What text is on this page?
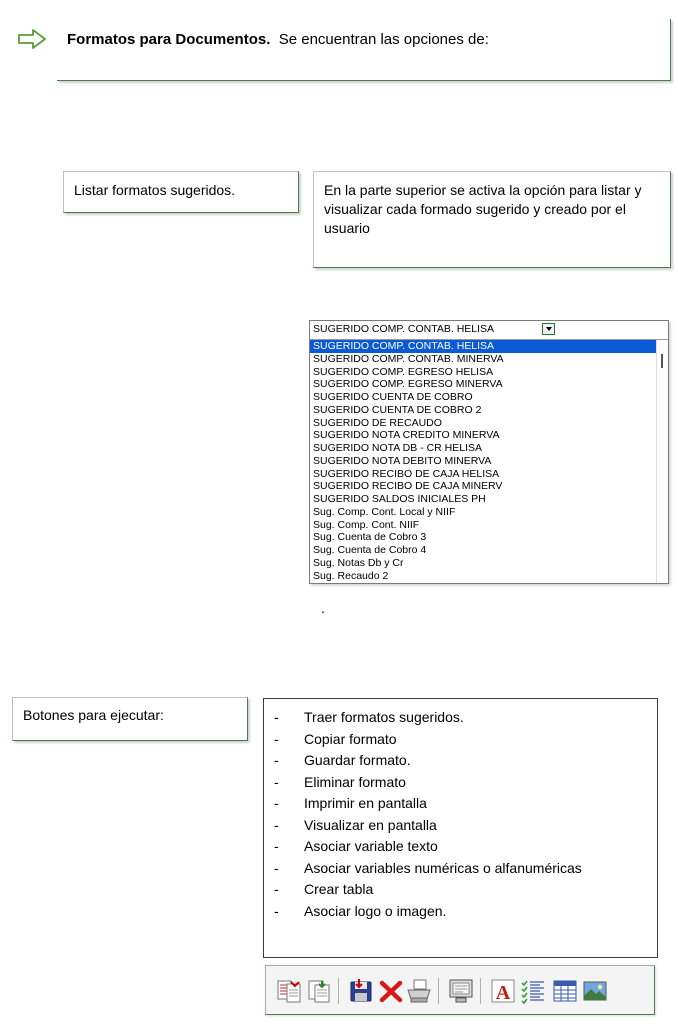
Formatos para Documentos. Se encuentran las opciones de:
Listar formatos sugeridos.	En la parte superior se activa la opción para listar y visualizar cada formado sugerido y creado por el usuario
SUGERIDO COMP. CONTAB. HELISA
SUGERIDO COMP. CONTAB. HELISA
SUGERIDO COMP. CONTAB. MINERVA
SUGERIDO COMP. EGRESO HELISA
SUGERIDO COMP. EGRESO MINERVA
SUGERIDO CUENTA DE COBRO
SUGERIDO CUENTA DE COBRO 2
SUGERIDO DE RECAUDO
SUGERIDO NOTA CREDITO MINERVA
SUGERIDO NOTA DB - CR HELISA
SUGERIDO NOTA DEBITO MINERVA
SUGERIDO RECIBO DE CAJA HELISA
SUGERIDO RECIBO DE CAJA MINERV
SUGERIDO SALDOS INICIALES PH
Sug. Comp. Cont. Local y NIIF
Sug. Comp. Cont. NIIF
Sug. Cuenta de Cobro 3
Sug. Cuenta de Cobro 4
Sug. Notas Db y Cr
Sug. Recaudo 2
.
Botones para ejecutar:
-	Traer formatos sugeridos.
- Copiar formato
- Guardar formato.
- Eliminar formato
- Imprimir en pantalla
- Visualizar en pantalla
- Asociar variable texto
- Asociar variables numéricas o alfanuméricas
- Crear tabla
- Asociar logo o imagen.
A
